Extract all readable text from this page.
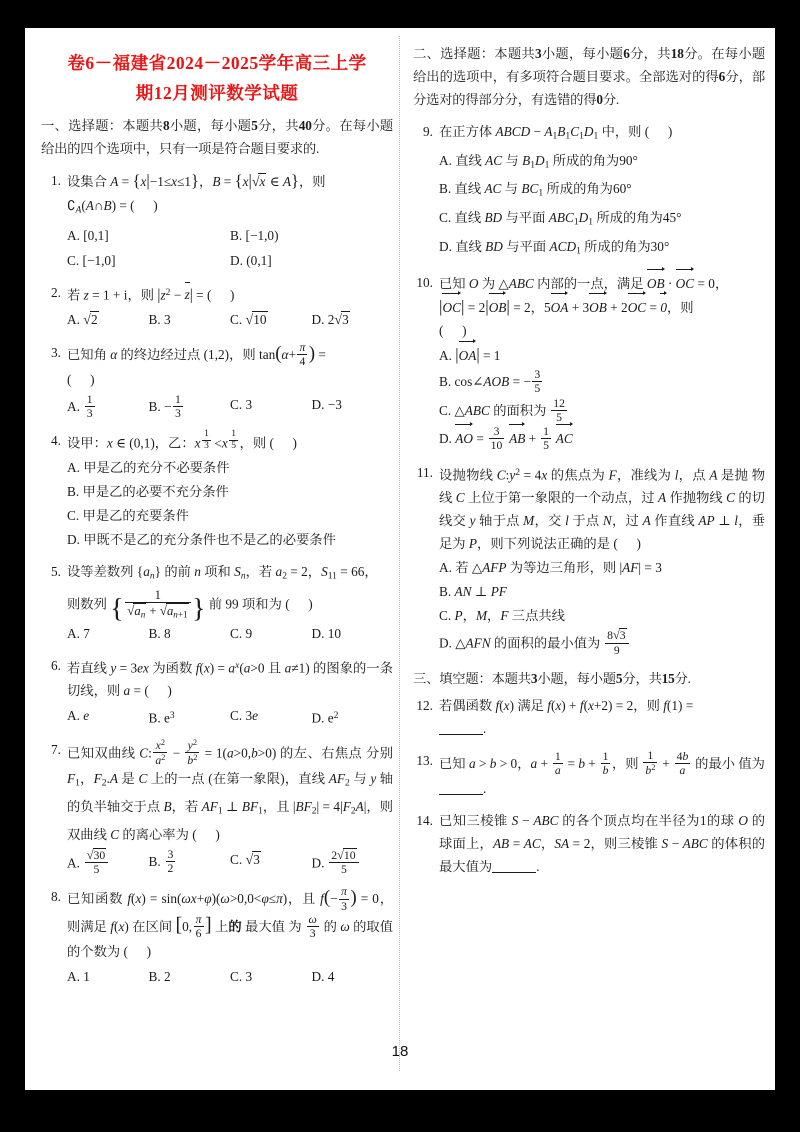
卷6－福建省2024－2025学年高三上学
期12月测评数学试题
一、选择题：本题共8小题，每小题5分，共40分。在每小题给出的四个选项中，只有一项是符合题目要求的.
1. 设集合 A = {x|−1≤x≤1}，B = {x|√x ∈ A}，则
$∁_A(A\cap B)$ = ( )
A. [0,1]	B. [−1,0)
C. [−1,0]	D. (0,1]
2. 若 z = 1 + i，则 $|z^2 - z|$ = ( )
A. √2	B. 3	C. √10	D. 2√3
3. 已知角 α 的终边经过点 (1,2)，则 $\tan(\alpha+ \frac{\pi}{4}$ ) =
( )
A. $\frac{1}{3}$	B. − $\frac{1}{3}$	C. 3	D. −3
4. 设甲：x ∈ (0,1)，乙：x $^{\frac{1}{3}}$ <x $^{\frac{1}{5}}$ ，则 ( )
A. 甲是乙的充分不必要条件
B. 甲是乙的必要不充分条件
C. 甲是乙的充要条件
D. 甲既不是乙的充分条件也不是乙的必要条件
5. 设等差数列 $\{a_n\}$ 的前 n 项和 $S_n$，若 $a_2 = 2$，$S_{11} = 66$，
则数列 { $\frac{1}{√a_n + √a_{n+1}}$ } 前 99 项和为 ( )
A. 7	B. 8	C. 9	D. 10
6. 若直线 y = 3ex 为函数 $f(x) = a^x(a>0$ 且 a≠1) 的图象的一条切线，则 a = ( )
A. e	B. $e^3$	C. 3e	D. $e^2$
7. 已知双曲线 C: $\frac{x^2}{a^2} - \frac{y^2}{b^2} = 1(a>0,b>0)$ 的左、右焦点 分别 $F_1$，$F_2.A$ 是 C 上的一点 (在第一象限)，直线 $AF_2$ 与 y 轴的负半轴交于点 B，若 $AF_1$ ⊥ $BF_1$，且 $|BF_2| = 4|F_2A|$，则双曲线 C 的离心率为 ( )
A. $\frac{√30}{5}$	B. $\frac{3}{2}$	C. √3	D. $\frac{2√10}{5}$
8. 已知函数 f(x) = sin(ωx+φ)(ω>0,0<φ≤π)，且 $f(- \frac{\pi}{3}$ ) = 0，则满足 f(x) 在区间 [0, $\frac{\pi}{6}$ ] 上的 最大值 为 $\frac{\omega}{3}$ 的 ω 的取值的个数为 ( )
A. 1	B. 2	C. 3	D. 4
二、选择题：本题共3小题，每小题6分，共18分。在每小题给出的选项中，有多项符合题目要求。全部选对的得6分，部分选对的得部分分，有选错的得0分.
9. 在正方体 ABCD − $A_1B_1C_1D_1$ 中，则 ( )
A. 直线 AC 与 $B_1D_1$ 所成的角为90°
B. 直线 AC 与 $BC_1$ 所成的角为60°
C. 直线 BD 与平面 $ABC_1D_1$ 所成的角为45°
D. 直线 BD 与平面 $ACD_1$ 所成的角为30°
10. 已知 O 为 △ABC 内部的一点，满足 OB · OC = 0，
|OC| = 2|OB| = 2，5OA + 3OB + 2OC = 0，则
( )
A. |OA| = 1
B. cos∠AOB = − $\frac{3}{5}$
C. △ABC 的面积为 $\frac{12}{5}$
D. AO = $\frac{3}{10}$ AB + $\frac{1}{5}$ AC
11. 设抛物线 $C:y^2 = 4x$ 的焦点为 F，准线为 l，点 A 是抛 物线 C 上位于第一象限的一个动点，过 A 作抛物线 C 的切线交 y 轴于点 M，交 l 于点 N，过 A 作直线 AP ⊥ l，垂足为 P，则下列说法正确的是 ( )
A. 若 △AFP 为等边三角形，则 |AF| = 3
B. AN ⊥ PF
C. P，M，F 三点共线
D. △AFN 的面积的最小值为 $\frac{8√3}{9}$
三、填空题：本题共3小题，每小题5分，共15分.
12. 若偶函数 f(x) 满足 f(x) + f(x+2) = 2，则 f(1) =
.
13. 已知 a > b > 0，$a + \frac{1}{a} = b + \frac{1}{b}$ ，则 $\frac{1}{b^2} + \frac{4b}{a}$ 的最小 值为.
14. 已知三棱锥 S − ABC 的各个顶点均在半径为1的球 O 的球面上，AB = AC，SA = 2，则三棱锥 S − ABC 的体积的最大值为	.
18
